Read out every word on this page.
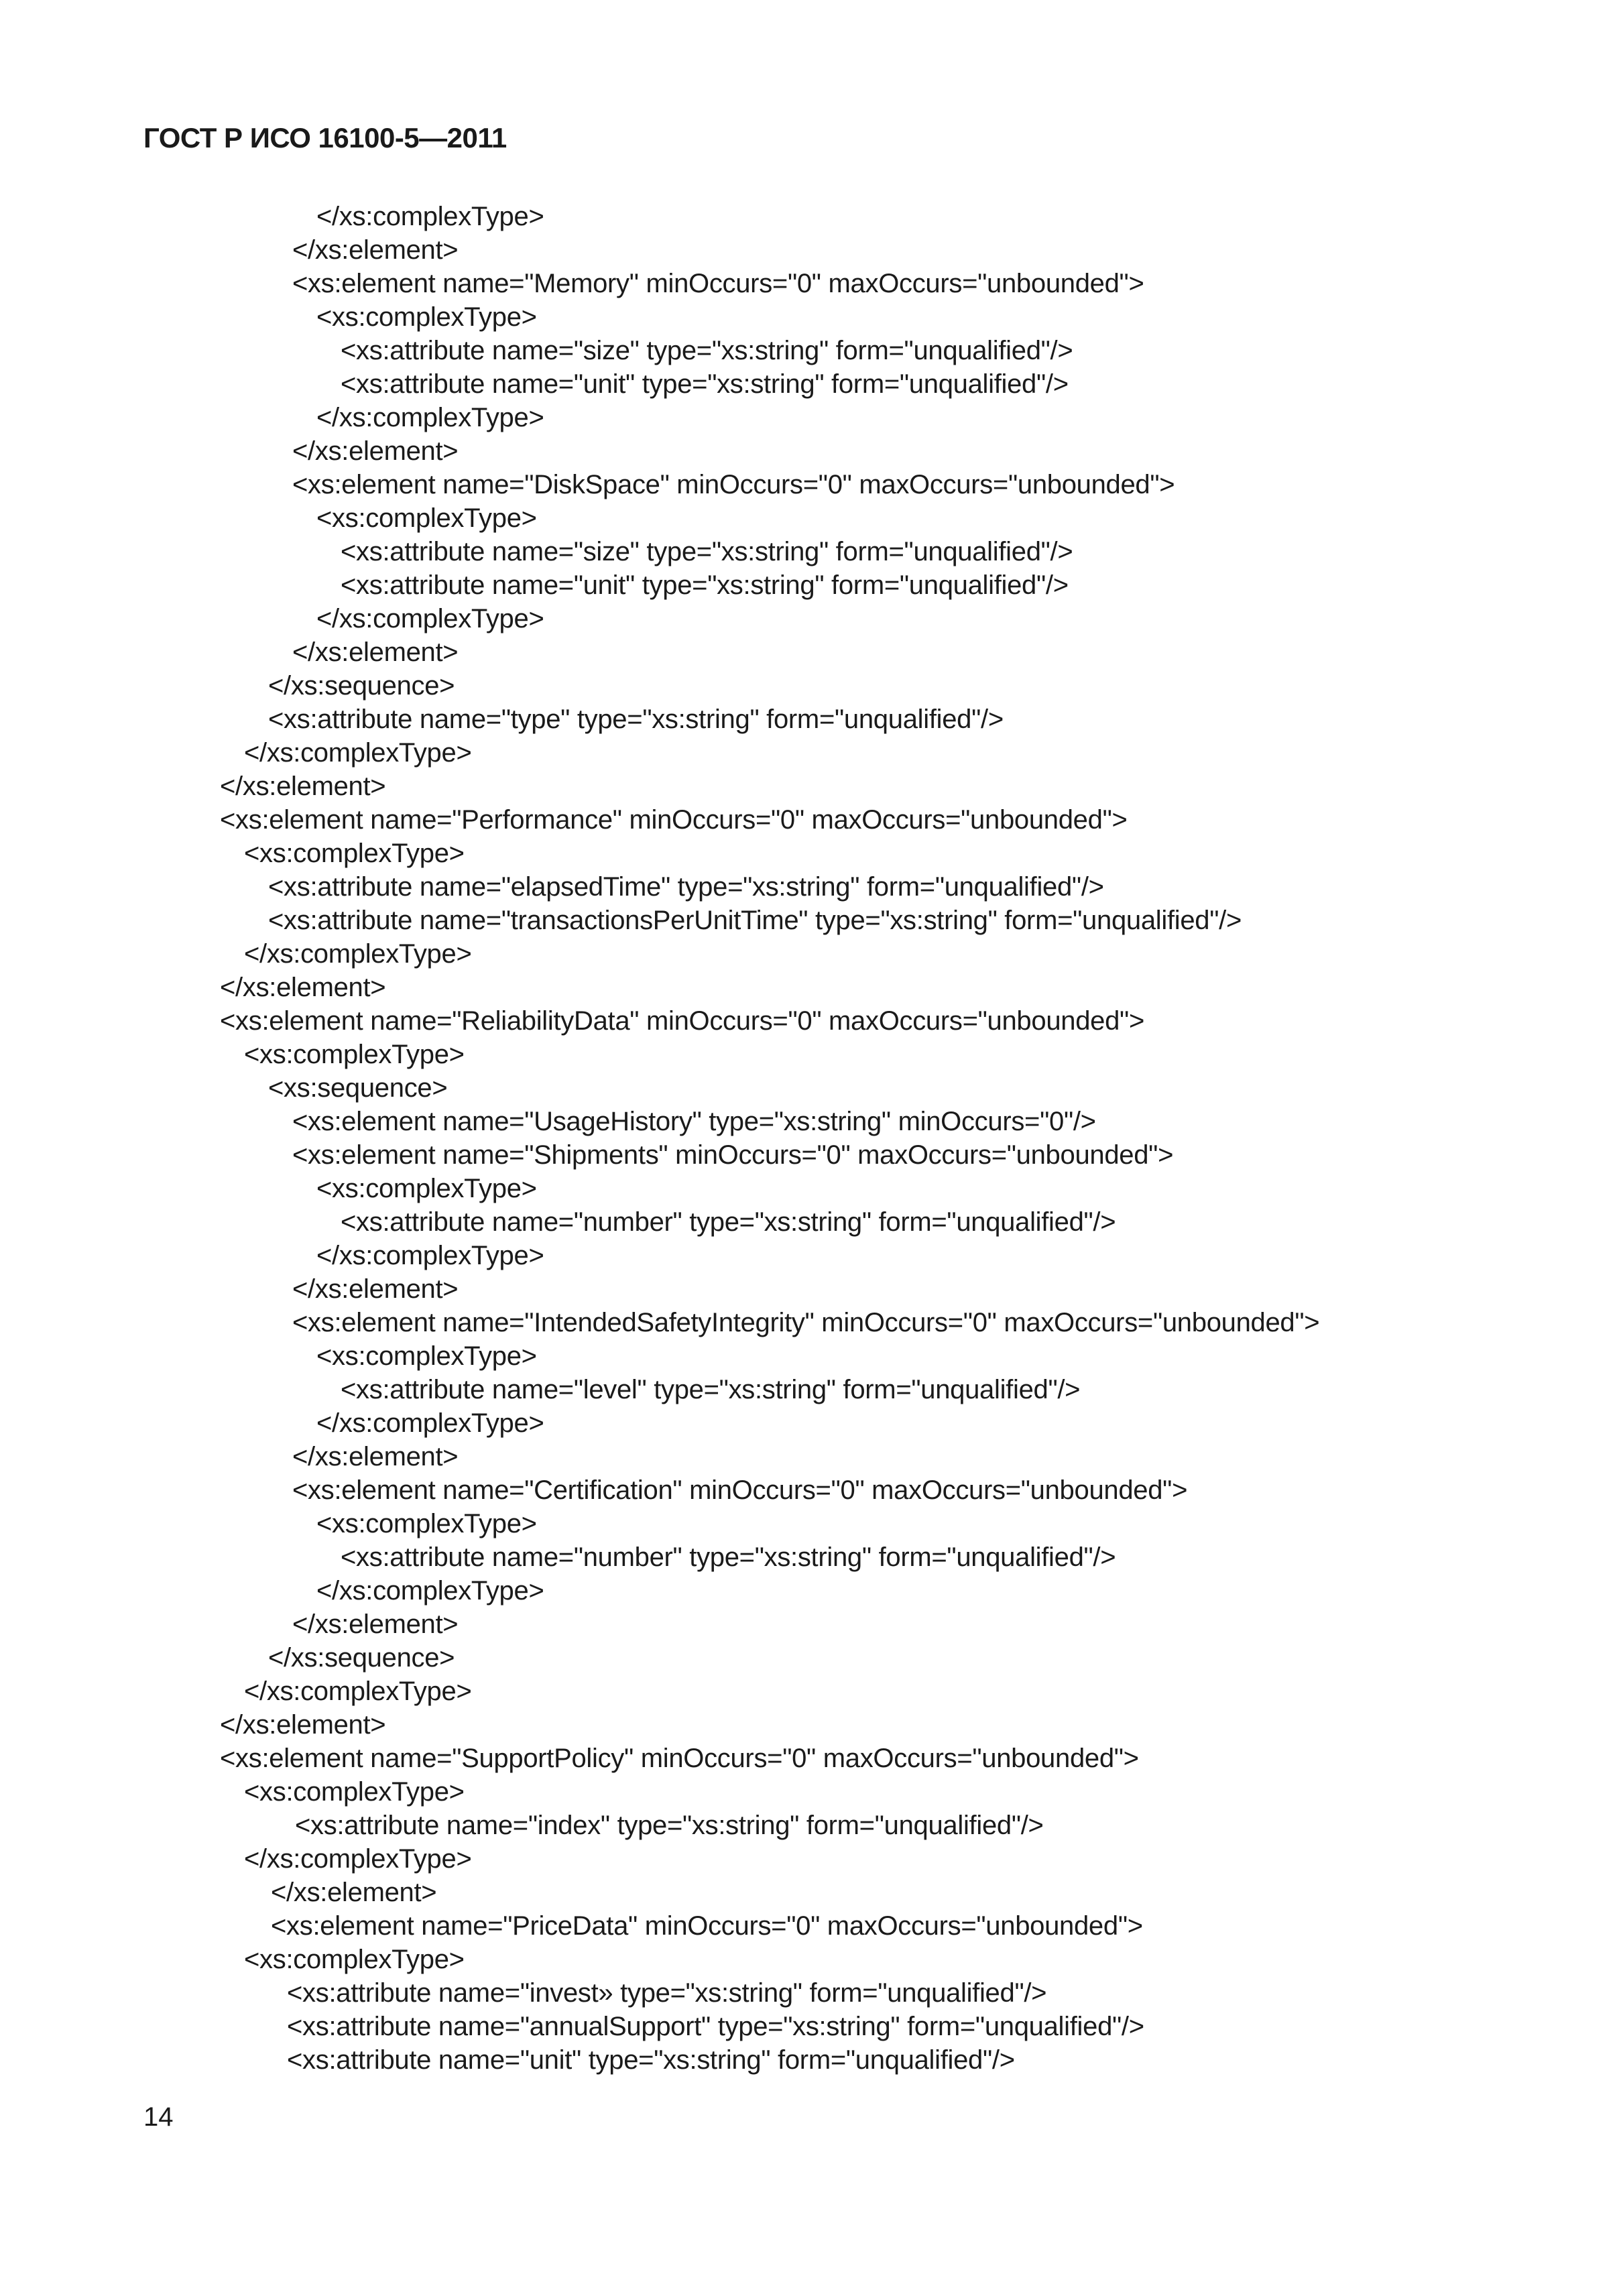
ГОСТ Р ИСО 16100-5—2011
</xs:complexType>
</xs:element>
<xs:element name="Memory" minOccurs="0" maxOccurs="unbounded">
<xs:complexType>
<xs:attribute name="size" type="xs:string" form="unqualified"/>
<xs:attribute name="unit" type="xs:string" form="unqualified"/>
</xs:complexType>
</xs:element>
<xs:element name="DiskSpace" minOccurs="0" maxOccurs="unbounded">
<xs:complexType>
<xs:attribute name="size" type="xs:string" form="unqualified"/>
<xs:attribute name="unit" type="xs:string" form="unqualified"/>
</xs:complexType>
</xs:element>
</xs:sequence>
<xs:attribute name="type" type="xs:string" form="unqualified"/>
</xs:complexType>
</xs:element>
<xs:element name="Performance" minOccurs="0" maxOccurs="unbounded">
<xs:complexType>
<xs:attribute name="elapsedTime" type="xs:string" form="unqualified"/>
<xs:attribute name="transactionsPerUnitTime" type="xs:string" form="unqualified"/>
</xs:complexType>
</xs:element>
<xs:element name="ReliabilityData" minOccurs="0" maxOccurs="unbounded">
<xs:complexType>
<xs:sequence>
<xs:element name="UsageHistory" type="xs:string" minOccurs="0"/>
<xs:element name="Shipments" minOccurs="0" maxOccurs="unbounded">
<xs:complexType>
<xs:attribute name="number" type="xs:string" form="unqualified"/>
</xs:complexType>
</xs:element>
<xs:element name="IntendedSafetyIntegrity" minOccurs="0" maxOccurs="unbounded">
<xs:complexType>
<xs:attribute name="level" type="xs:string" form="unqualified"/>
</xs:complexType>
</xs:element>
<xs:element name="Certification" minOccurs="0" maxOccurs="unbounded">
<xs:complexType>
<xs:attribute name="number" type="xs:string" form="unqualified"/>
</xs:complexType>
</xs:element>
</xs:sequence>
</xs:complexType>
</xs:element>
<xs:element name="SupportPolicy" minOccurs="0" maxOccurs="unbounded">
<xs:complexType>
<xs:attribute name="index" type="xs:string" form="unqualified"/>
</xs:complexType>
</xs:element>
<xs:element name="PriceData" minOccurs="0" maxOccurs="unbounded">
<xs:complexType>
<xs:attribute name="invest» type="xs:string" form="unqualified"/>
<xs:attribute name="annualSupport" type="xs:string" form="unqualified"/>
<xs:attribute name="unit" type="xs:string" form="unqualified"/>
14
